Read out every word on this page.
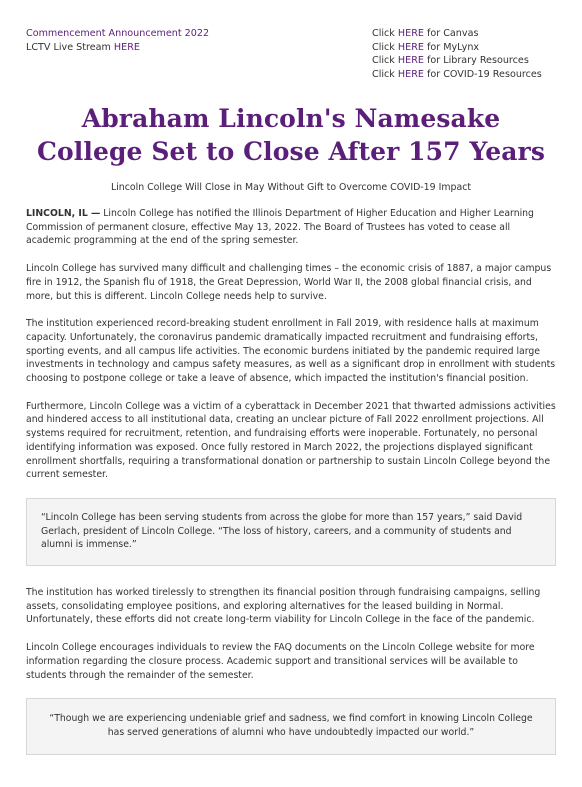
Commencement Announcement 2022
LCTV Live Stream HERE
Click HERE for Canvas
Click HERE for MyLynx
Click HERE for Library Resources
Click HERE for COVID-19 Resources
Abraham Lincoln's Namesake
College Set to Close After 157 Years
Lincoln College Will Close in May Without Gift to Overcome COVID-19 Impact

LINCOLN, IL — Lincoln College has notified the Illinois Department of Higher Education and Higher Learning Commission of permanent closure, effective May 13, 2022. The Board of Trustees has voted to cease all academic programming at the end of the spring semester.

Lincoln College has survived many difficult and challenging times – the economic crisis of 1887, a major campus fire in 1912, the Spanish flu of 1918, the Great Depression, World War II, the 2008 global financial crisis, and more, but this is different. Lincoln College needs help to survive.

The institution experienced record-breaking student enrollment in Fall 2019, with residence halls at maximum capacity. Unfortunately, the coronavirus pandemic dramatically impacted recruitment and fundraising efforts, sporting events, and all campus life activities. The economic burdens initiated by the pandemic required large investments in technology and campus safety measures, as well as a significant drop in enrollment with students choosing to postpone college or take a leave of absence, which impacted the institution's financial position.

Furthermore, Lincoln College was a victim of a cyberattack in December 2021 that thwarted admissions activities and hindered access to all institutional data, creating an unclear picture of Fall 2022 enrollment projections. All systems required for recruitment, retention, and fundraising efforts were inoperable. Fortunately, no personal identifying information was exposed. Once fully restored in March 2022, the projections displayed significant enrollment shortfalls, requiring a transformational donation or partnership to sustain Lincoln College beyond the current semester.

“Lincoln College has been serving students from across the globe for more than 157 years,” said David Gerlach, president of Lincoln College. “The loss of history, careers, and a community of students and alumni is immense.”

The institution has worked tirelessly to strengthen its financial position through fundraising campaigns, selling assets, consolidating employee positions, and exploring alternatives for the leased building in Normal. Unfortunately, these efforts did not create long-term viability for Lincoln College in the face of the pandemic.

Lincoln College encourages individuals to review the FAQ documents on the Lincoln College website for more information regarding the closure process. Academic support and transitional services will be available to students through the remainder of the semester.

“Though we are experiencing undeniable grief and sadness, we find comfort in knowing Lincoln College has served generations of alumni who have undoubtedly impacted our world.”
